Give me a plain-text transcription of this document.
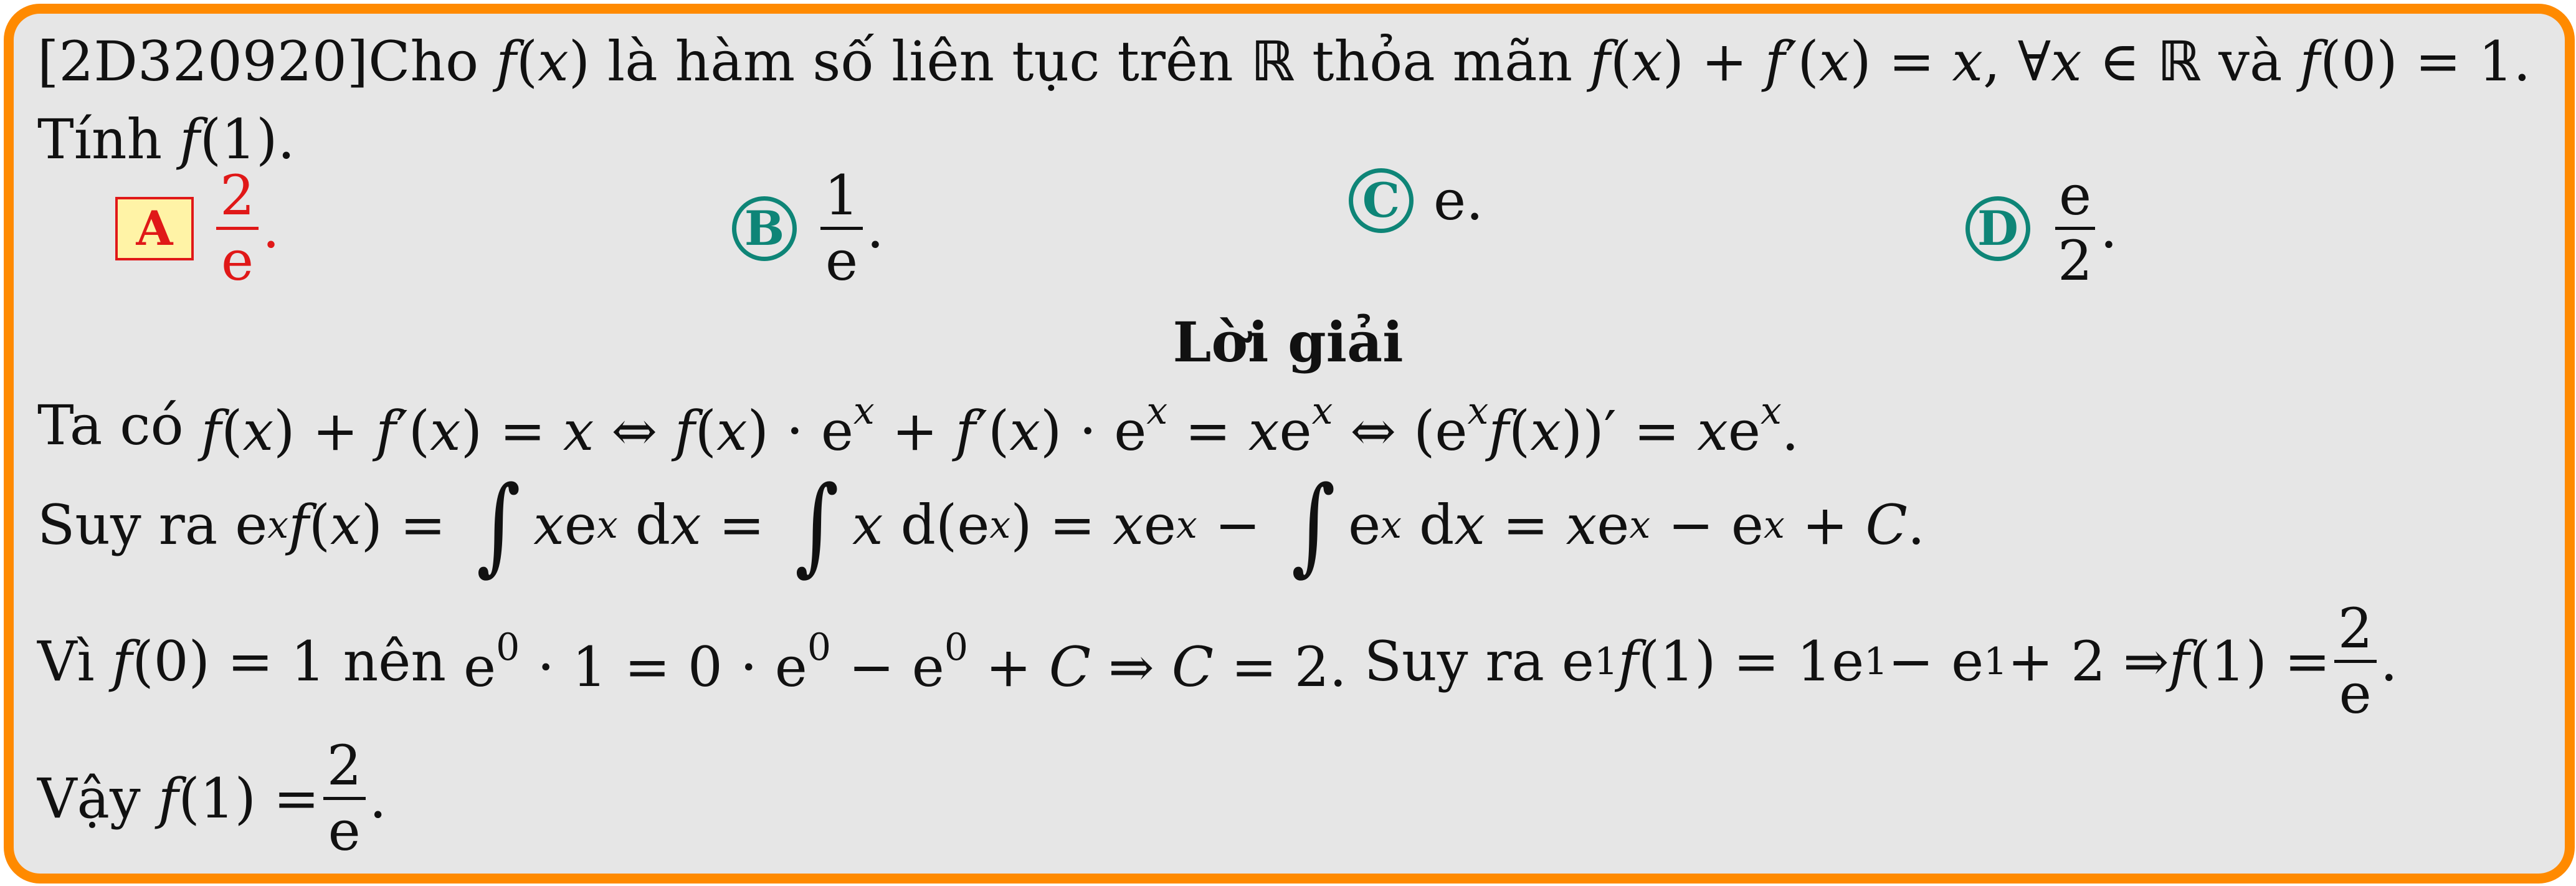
[2D320920] Cho f(x) là hàm số liên tục trên ℝ thỏa mãn f(x) + f′(x) = x, ∀x ∈ ℝ và f(0) = 1.
Tính f(1) .
A $\frac{2}{e}$ .	B $\frac{1}{e}$ .	C e.	D $\frac{e}{2}$ .
Lời giải
Ta có f(x) + f′(x) = x ⇔ $f(x) \cdot e^x + f'(x) \cdot e^x = xe^x$ ⇔ $(e^xf(x))' = xe^x$.
Suy ra e x f ( x ) = ∫ x e x d x = ∫ x d(e x ) = x e x − ∫ e x d x = x e x − e x + C .
Vì f(0) = 1 nên $e^0 \cdot 1 = 0 \cdot e^0 - e^0 + C$ ⇒ C = 2. Suy ra e 1 f (1) = 1e 1 − e 1 + 2 ⇒ f $(1) = \frac{2}{e}$ .
Vậy f $(1) = \frac{2}{e}$ .
